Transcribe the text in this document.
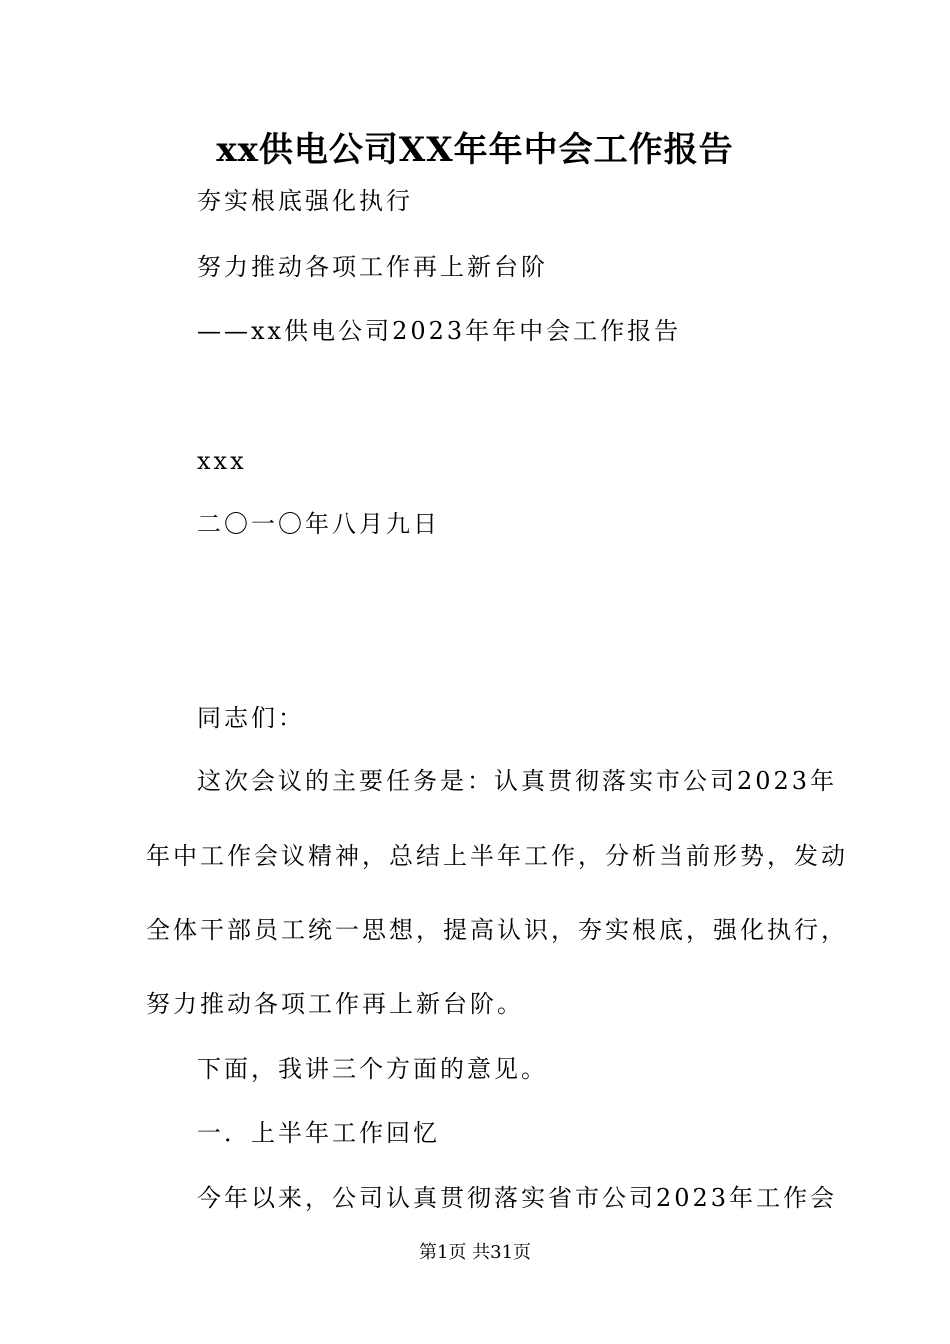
xx供电公司XX年年中会工作报告
夯实根底强化执行
努力推动各项工作再上新台阶
——xx供电公司2023年年中会工作报告
xxx
二〇一〇年八月九日
同志们：
这次会议的主要任务是：认真贯彻落实市公司2023年
年中工作会议精神，总结上半年工作，分析当前形势，发动
全体干部员工统一思想，提高认识，夯实根底，强化执行，
努力推动各项工作再上新台阶。
下面，我讲三个方面的意见。
一．上半年工作回忆
今年以来，公司认真贯彻落实省市公司2023年工作会
第1页 共31页
